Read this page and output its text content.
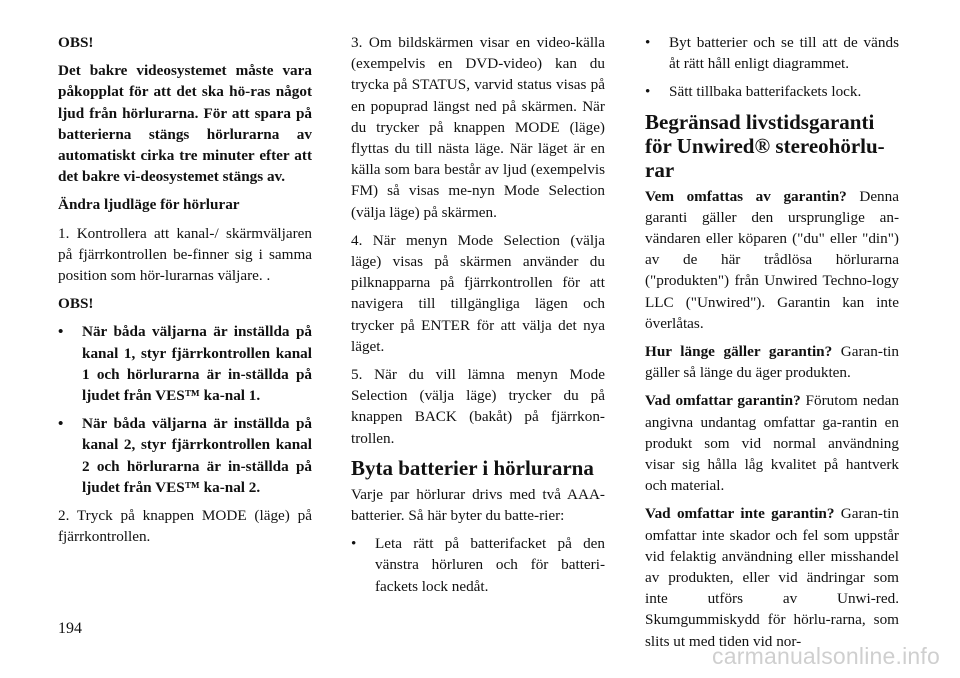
OBS!

Det bakre videosystemet måste vara påkopplat för att det ska hö-ras något ljud från hörlurarna. För att spara på batterierna stängs hörlurarna av automatiskt cirka tre minuter efter att det bakre vi-deosystemet stängs av.

Ändra ljudläge för hörlurar

1. Kontrollera att kanal-/ skärmväljaren på fjärrkontrollen be-finner sig i samma position som hör-lurarnas väljare. .

OBS!

•	När båda väljarna är inställda på kanal 1, styr fjärrkontrollen kanal 1 och hörlurarna är in-ställda på ljudet från VES™ ka-nal 1.
•	När båda väljarna är inställda på kanal 2, styr fjärrkontrollen kanal 2 och hörlurarna är in-ställda på ljudet från VES™ ka-nal 2.

2. Tryck på knappen MODE (läge) på fjärrkontrollen.

3. Om bildskärmen visar en video-källa (exempelvis en DVD-video) kan du trycka på STATUS, varvid status visas på en popuprad längst ned på skärmen. När du trycker på knappen MODE (läge) flyttas du till nästa läge. När läget är en källa som bara består av ljud (exempelvis FM) så visas me-nyn Mode Selection (välja läge) på skärmen.

4. När menyn Mode Selection (välja läge) visas på skärmen använder du pilknapparna på fjärrkontrollen för att navigera till tillgängliga lägen och trycker på ENTER för att välja det nya läget.

5. När du vill lämna menyn Mode Selection (välja läge) trycker du på knappen BACK (bakåt) på fjärrkon-trollen.

Byta batterier i hörlurarna

Varje par hörlurar drivs med två AAA-batterier. Så här byter du batte-rier:

•	Leta rätt på batterifacket på den vänstra hörluren och för batteri-fackets lock nedåt.
•	Byt batterier och se till att de vänds åt rätt håll enligt diagrammet.
•	Sätt tillbaka batterifackets lock.
Begränsad livstidsgaranti för Unwired® stereohörlu-rar

Vem omfattas av garantin? Denna garanti gäller den ursprunglige an-vändaren eller köparen ("du" eller "din") av de här trådlösa hörlurarna ("produkten") från Unwired Techno-logy LLC ("Unwired"). Garantin kan inte överlåtas.

Hur länge gäller garantin? Garan-tin gäller så länge du äger produkten.

Vad omfattar garantin? Förutom nedan angivna undantag omfattar ga-rantin en produkt som vid normal användning visar sig hålla låg kvalitet på hantverk och material.

Vad omfattar inte garantin? Garan-tin omfattar inte skador och fel som uppstår vid felaktig användning eller misshandel av produkten, eller vid ändringar som inte utförs av Unwi-red. Skumgummiskydd för hörlu-rarna, som slits ut med tiden vid nor-

194
carmanualsonline.info
